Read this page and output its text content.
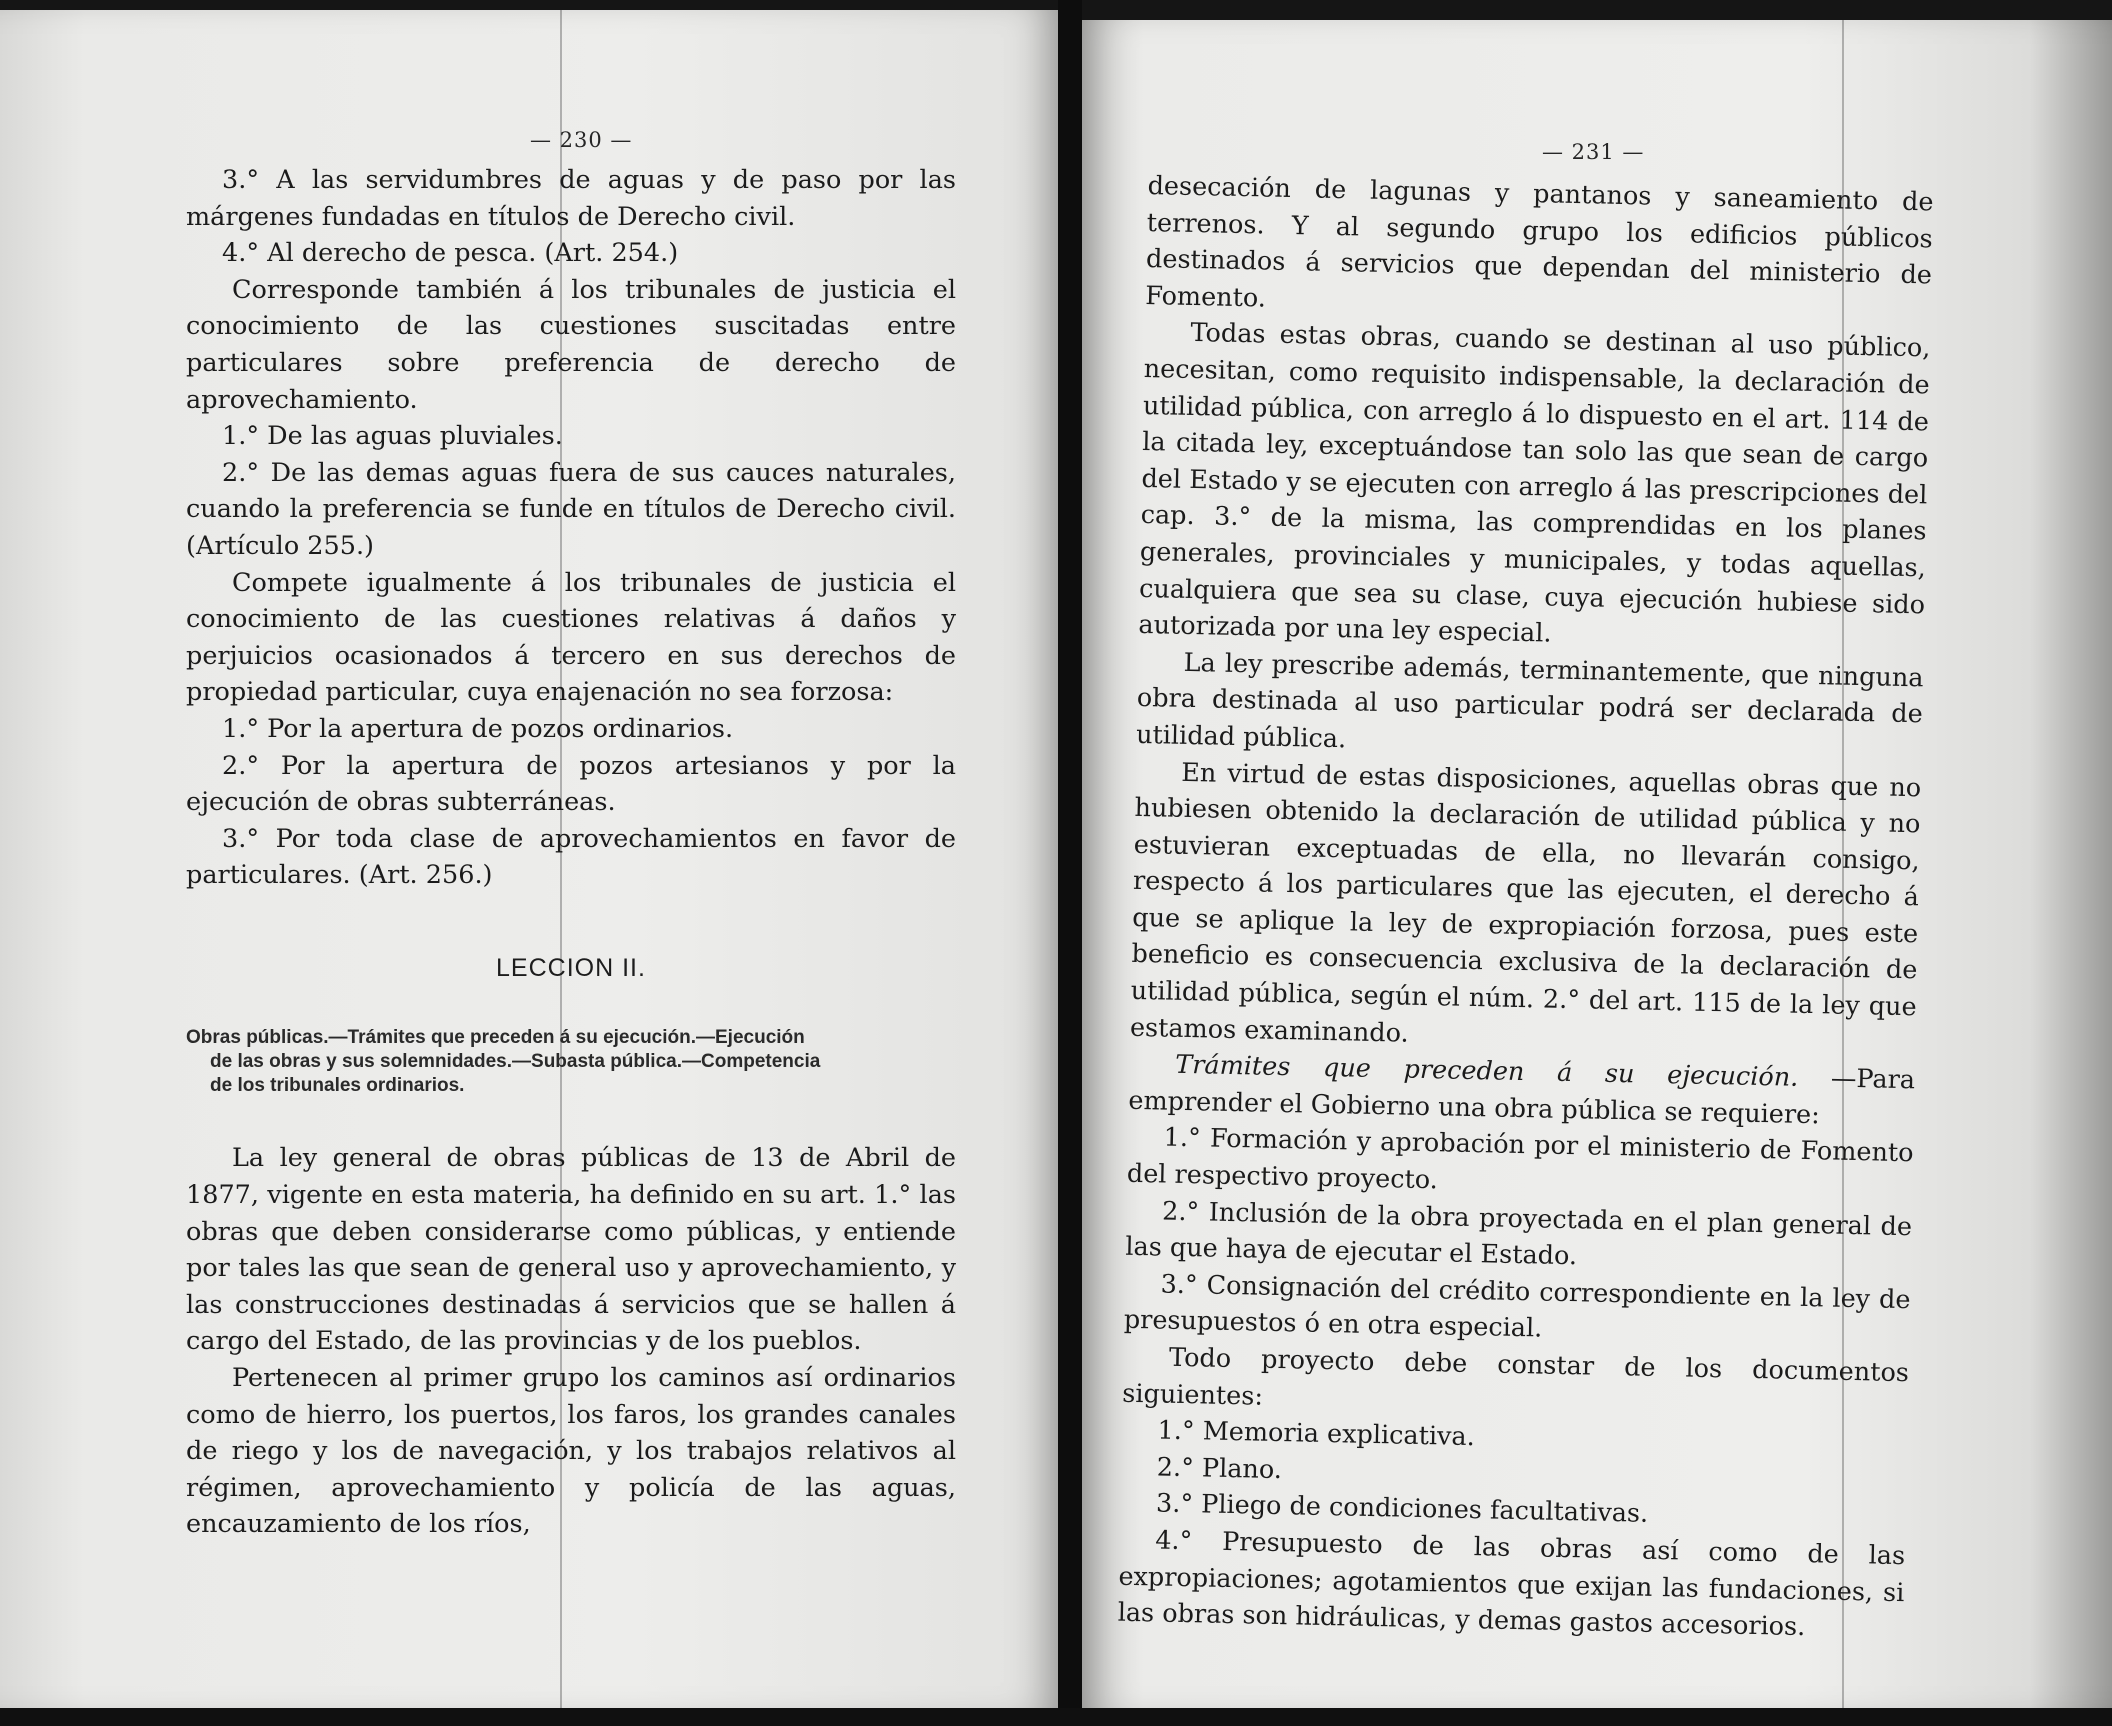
— 230 —

3.° A las servidumbres de aguas y de paso por las márgenes fundadas en títulos de Derecho civil.

4.° Al derecho de pesca. (Art. 254.)

Corresponde también á los tribunales de justicia el conocimiento de las cuestiones suscitadas entre particulares sobre preferencia de derecho de aprovechamiento.

1.° De las aguas pluviales.

2.° De las demas aguas fuera de sus cauces naturales, cuando la preferencia se funde en títulos de Derecho civil. (Artículo 255.)

Compete igualmente á los tribunales de justicia el conocimiento de las cuestiones relativas á daños y perjuicios ocasionados á tercero en sus derechos de propiedad particular, cuya enajenación no sea forzosa:

1.° Por la apertura de pozos ordinarios.

2.° Por la apertura de pozos artesianos y por la ejecución de obras subterráneas.

3.° Por toda clase de aprovechamientos en favor de particulares. (Art. 256.)

LECCION II.

Obras públicas.—Trámites que preceden á su ejecución.—Ejecución
de las obras y sus solemnidades.—Subasta pública.—Competencia
de los tribunales ordinarios.

La ley general de obras públicas de 13 de Abril de 1877, vigente en esta materia, ha definido en su art. 1.° las obras que deben considerarse como públicas, y entiende por tales las que sean de general uso y aprovechamiento, y las construcciones destinadas á servicios que se hallen á cargo del Estado, de las provincias y de los pueblos.

Pertenecen al primer grupo los caminos así ordinarios como de hierro, los puertos, los faros, los grandes canales de riego y los de navegación, y los trabajos relativos al régimen, aprovechamiento y policía de las aguas, encauzamiento de los ríos,

— 231 —

desecación de lagunas y pantanos y saneamiento de terrenos. Y al segundo grupo los edificios públicos destinados á servicios que dependan del ministerio de Fomento.

Todas estas obras, cuando se destinan al uso público, necesitan, como requisito indispensable, la declaración de utilidad pública, con arreglo á lo dispuesto en el art. 114 de la citada ley, exceptuándose tan solo las que sean de cargo del Estado y se ejecuten con arreglo á las prescripciones del cap. 3.° de la misma, las comprendidas en los planes generales, provinciales y municipales, y todas aquellas, cualquiera que sea su clase, cuya ejecución hubiese sido autorizada por una ley especial.

La ley prescribe además, terminantemente, que ninguna obra destinada al uso particular podrá ser declarada de utilidad pública.

En virtud de estas disposiciones, aquellas obras que no hubiesen obtenido la declaración de utilidad pública y no estuvieran exceptuadas de ella, no llevarán consigo, respecto á los particulares que las ejecuten, el derecho á que se aplique la ley de expropiación forzosa, pues este beneficio es consecuencia exclusiva de la declaración de utilidad pública, según el núm. 2.° del art. 115 de la ley que estamos examinando.

Trámites que preceden á su ejecución. —Para emprender el Gobierno una obra pública se requiere:

1.° Formación y aprobación por el ministerio de Fomento del respectivo proyecto.

2.° Inclusión de la obra proyectada en el plan general de las que haya de ejecutar el Estado.

3.° Consignación del crédito correspondiente en la ley de presupuestos ó en otra especial.

Todo proyecto debe constar de los documentos siguientes:

1.° Memoria explicativa.

2.° Plano.

3.° Pliego de condiciones facultativas.

4.° Presupuesto de las obras así como de las expropiaciones; agotamientos que exijan las fundaciones, si las obras son hidráulicas, y demas gastos accesorios.
